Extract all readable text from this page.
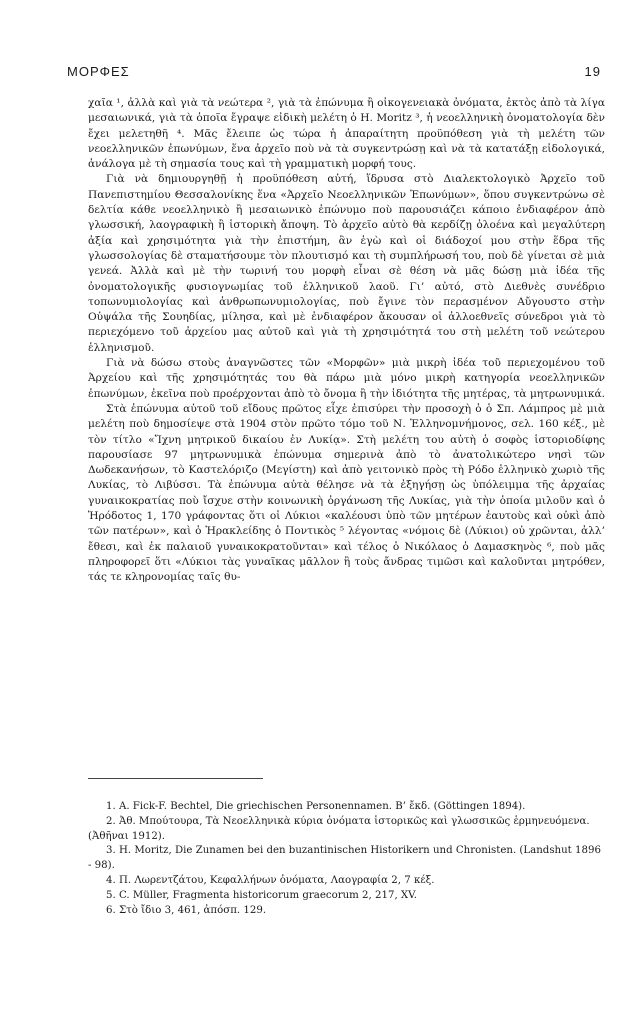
ΜΟΡΦΕΣ	19

χαῖα ¹, ἀλλὰ καὶ γιὰ τὰ νεώτερα ², γιὰ τὰ ἐπώνυμα ἢ οἰκογενειακὰ ὀνόματα, ἐκτὸς ἀπὸ τὰ λίγα μεσαιωνικά, γιὰ τὰ ὁποῖα ἔγραψε εἰδικὴ μελέτη ὁ Η. Moritz ³, ἡ νεοελληνικὴ ὀνοματολογία δὲν ἔχει μελετηθῆ ⁴. Μᾶς ἔλειπε ὡς τώρα ἡ ἀπαραίτητη προϋπόθεση γιὰ τὴ μελέτη τῶν νεοελληνικῶν ἐπωνύμων, ἕνα ἀρχεῖο ποὺ νὰ τὰ συγκεντρώσῃ καὶ νὰ τὰ κατατάξῃ εἰδολογικά, ἀνάλογα μὲ τὴ σημασία τους καὶ τὴ γραμματικὴ μορφή τους.

Γιὰ νὰ δημιουργηθῇ ἡ προϋπόθεση αὐτή, ἵδρυσα στὸ Διαλεκτολογικὸ Ἀρχεῖο τοῦ Πανεπιστημίου Θεσσαλονίκης ἕνα «Ἀρχεῖο Νεοελληνικῶν Ἐπωνύμων», ὅπου συγκεντρώνω σὲ δελτία κάθε νεοελληνικὸ ἢ μεσαιωνικὸ ἐπώνυμο ποὺ παρουσιάζει κάποιο ἐνδιαφέρον ἀπὸ γλωσσική, λαογραφικὴ ἢ ἱστορικὴ ἄποψη. Τὸ ἀρχεῖο αὐτὸ θὰ κερδίζῃ ὁλοένα καὶ μεγαλύτερη ἀξία καὶ χρησιμότητα γιὰ τὴν ἐπιστήμη, ἂν ἐγὼ καὶ οἱ διάδοχοί μου στὴν ἕδρα τῆς γλωσσολογίας δὲ σταματήσουμε τὸν πλουτισμό και τὴ συμπλήρωσή του, ποὺ δὲ γίνεται σὲ μιὰ γενεά. Ἀλλὰ καὶ μὲ τὴν τωρινή του μορφὴ εἶναι σὲ θέση νὰ μᾶς δώσῃ μιὰ ἰδέα τῆς ὀνοματολογικῆς φυσιογνωμίας τοῦ ἑλληνικοῦ λαοῦ. Γι’ αὐτό, στὸ Διεθνὲς συνέδριο τοπωνυμιολογίας καὶ ἀνθρωπωνυμιολογίας, ποὺ ἔγινε τὸν περασμένον Αὔγουστο στὴν Οὐψάλα τῆς Σουηδίας, μίλησα, καὶ μὲ ἐνδιαφέρον ἄκουσαν οἱ ἀλλοεθνεῖς σύνεδροι γιὰ τὸ περιεχόμενο τοῦ ἀρχείου μας αὐτοῦ καὶ γιὰ τὴ χρησιμότητά του στὴ μελέτη τοῦ νεώτερου ἑλληνισμοῦ.

Γιὰ νὰ δώσω στοὺς ἀναγνῶστες τῶν «Μορφῶν» μιὰ μικρὴ ἰδέα τοῦ περιεχομένου τοῦ Ἀρχείου καὶ τῆς χρησιμότητάς του θὰ πάρω μιὰ μόνο μικρὴ κατηγορία νεοελληνικῶν ἐπωνύμων, ἐκεῖνα ποὺ προέρχονται ἀπὸ τὸ ὄνομα ἢ τὴν ἰδιότητα τῆς μητέρας, τὰ μητρωνυμικά.

Στὰ ἐπώνυμα αὐτοῦ τοῦ εἴδους πρῶτος εἶχε ἐπισύρει τὴν προσοχὴ ὁ ὁ Σπ. Λάμπρος μὲ μιὰ μελέτη ποὺ δημοσίεψε στὰ 1904 στὸν πρῶτο τόμο τοῦ Ν. Ἑλληνομνήμονος, σελ. 160 κέξ., μὲ τὸν τίτλο «Ἴχνη μητρικοῦ δικαίου ἐν Λυκίᾳ». Στὴ μελέτη του αὐτὴ ὁ σοφὸς ἱστοριοδίφης παρουσίασε 97 μητρωνυμικὰ ἐπώνυμα σημερινὰ ἀπὸ τὸ ἀνατολικώτερο νησὶ τῶν Δωδεκανήσων, τὸ Καστελόριζο (Μεγίστη) καὶ ἀπὸ γειτονικὸ πρὸς τὴ Ρόδο ἑλληνικὸ χωριὸ τῆς Λυκίας, τὸ Λιβύσσι. Τὰ ἐπώνυμα αὐτὰ θέλησε νὰ τὰ ἐξηγήσῃ ὡς ὑπόλειμμα τῆς ἀρχαίας γυναικοκρατίας ποὺ ἴσχυε στὴν κοινωνικὴ ὀργάνωση τῆς Λυκίας, γιὰ τὴν ὁποία μιλοῦν καὶ ὁ Ἡρόδοτος 1, 170 γράφοντας ὅτι οἱ Λύκιοι «καλέουσι ὑπὸ τῶν μητέρων ἑαυτοὺς καὶ οὐκὶ ἀπὸ τῶν πατέρων», καὶ ὁ Ἡρακλείδης ὁ Ποντικὸς ⁵ λέγοντας «νόμοις δὲ (Λύκιοι) οὐ χρῶνται, ἀλλ’ ἔθεσι, καὶ ἐκ παλαιοῦ γυναικοκρατοῦνται» καὶ τέλος ὁ Νικόλαος ὁ Δαμασκηνὸς ⁶, ποὺ μᾶς πληροφορεῖ ὅτι «Λύκιοι τὰς γυναῖκας μᾶλλον ἢ τοὺς ἄνδρας τιμῶσι καὶ καλοῦνται μητρόθεν, τάς τε κληρονομίας ταῖς θυ-

1. A. Fick-F. Bechtel, Die griechischen Personennamen. Β’ ἔκδ. (Göttingen 1894).

2. Ἀθ. Μπούτουρα, Τὰ Νεοελληνικὰ κύρια ὀνόματα ἱστορικῶς καὶ γλωσσικῶς ἑρμηνευόμενα. (Ἀθῆναι 1912).

3. H. Moritz, Die Zunamen bei den buzantinischen Historikern und Chronisten. (Landshut 1896 - 98).

4. Π. Λωρεντζάτου, Κεφαλλήνων ὀνόματα, Λαογραφία 2, 7 κέξ.

5. C. Müller, Fragmenta historicorum graecorum 2, 217, XV.

6. Στὸ ἴδιο 3, 461, ἀπόσπ. 129.
